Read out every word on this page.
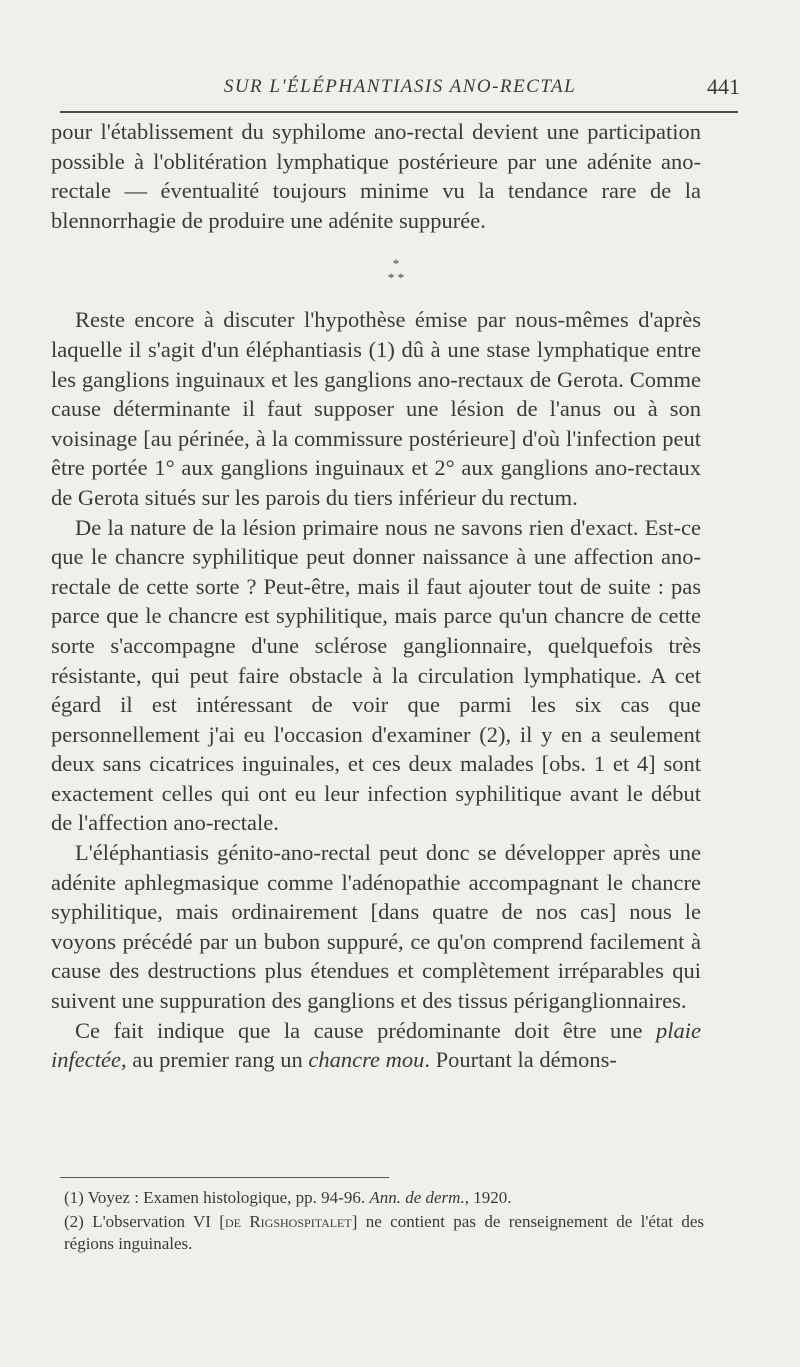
SUR L'ÉLÉPHANTIASIS ANO-RECTAL	441

pour l'établissement du syphilome ano-rectal devient une participation possible à l'oblitération lymphatique postérieure par une adénite ano-rectale — éventualité toujours minime vu la tendance rare de la blennorrhagie de produire une adénite suppurée.

*
* *

Reste encore à discuter l'hypothèse émise par nous-mêmes d'après laquelle il s'agit d'un éléphantiasis (1) dû à une stase lymphatique entre les ganglions inguinaux et les ganglions ano-rectaux de Gerota. Comme cause déterminante il faut supposer une lésion de l'anus ou à son voisinage [au périnée, à la commissure postérieure] d'où l'infection peut être portée 1° aux ganglions inguinaux et 2° aux ganglions ano-rectaux de Gerota situés sur les parois du tiers inférieur du rectum.

De la nature de la lésion primaire nous ne savons rien d'exact. Est-ce que le chancre syphilitique peut donner naissance à une affection ano-rectale de cette sorte ? Peut-être, mais il faut ajouter tout de suite : pas parce que le chancre est syphilitique, mais parce qu'un chancre de cette sorte s'accompagne d'une sclérose ganglionnaire, quelquefois très résistante, qui peut faire obstacle à la circulation lymphatique. A cet égard il est intéressant de voir que parmi les six cas que personnellement j'ai eu l'occasion d'examiner (2), il y en a seulement deux sans cicatrices inguinales, et ces deux malades [obs. 1 et 4] sont exactement celles qui ont eu leur infection syphilitique avant le début de l'affection ano-rectale.

L'éléphantiasis génito-ano-rectal peut donc se développer après une adénite aphlegmasique comme l'adénopathie accompagnant le chancre syphilitique, mais ordinairement [dans quatre de nos cas] nous le voyons précédé par un bubon suppuré, ce qu'on comprend facilement à cause des destructions plus étendues et complètement irréparables qui suivent une suppuration des ganglions et des tissus périganglionnaires.

Ce fait indique que la cause prédominante doit être une plaie infectée, au premier rang un chancre mou. Pourtant la démons-

(1) Voyez : Examen histologique, pp. 94-96. Ann. de derm., 1920.

(2) L'observation VI [de Rigshospitalet] ne contient pas de renseignement de l'état des régions inguinales.
